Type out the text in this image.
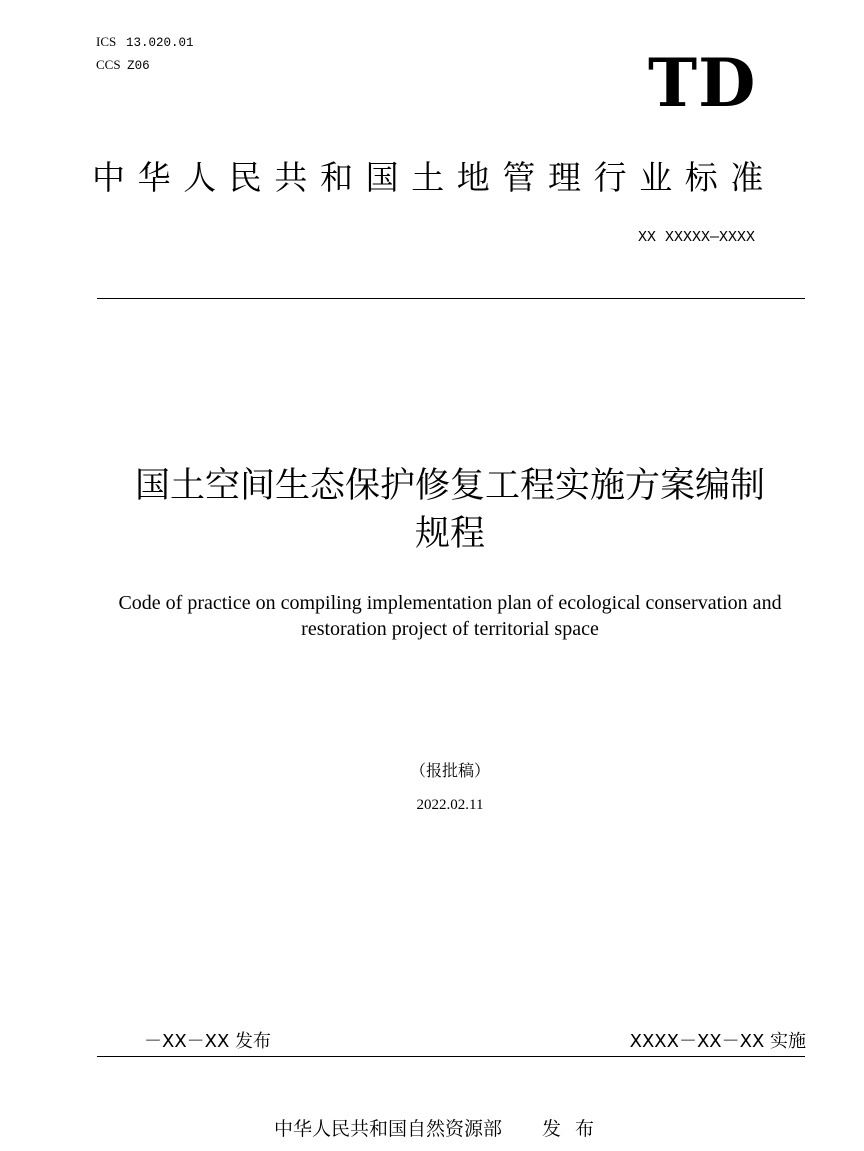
ICS 13.020.01
CCS Z06	TD
中华人民共和国土地管理行业标准
XX XXXXX—XXXX
国土空间生态保护修复工程实施方案编制
规程
Code of practice on compiling implementation plan of ecological conservation and
restoration project of territorial space
（报批稿）
2022.02.11
－XX－XX 发布	XXXX－XX－XX 实施
中华人民共和国自然资源部 发 布
